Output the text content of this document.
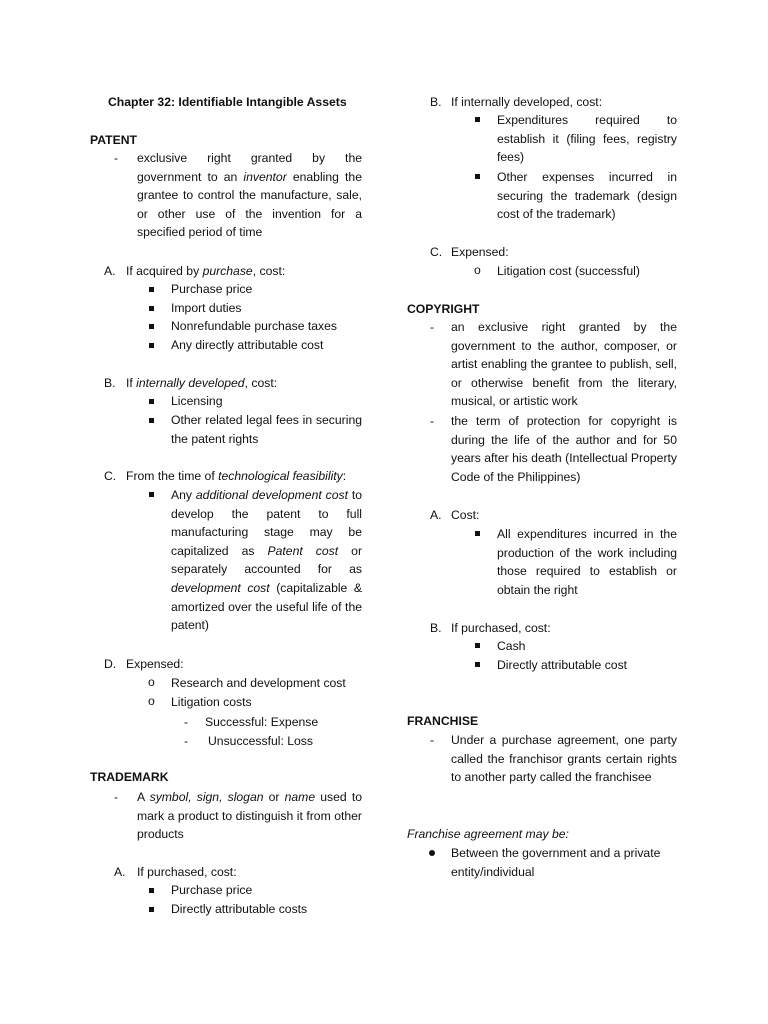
Chapter 32: Identifiable Intangible Assets
PATENT
- exclusive right granted by the government to an inventor enabling the grantee to control the manufacture, sale, or other use of the invention for a specified period of time
A. If acquired by purchase, cost:
Purchase price
Import duties
Nonrefundable purchase taxes
Any directly attributable cost
B. If internally developed, cost:
Licensing
Other related legal fees in securing the patent rights
C. From the time of technological feasibility:
Any additional development cost to develop the patent to full manufacturing stage may be capitalized as Patent cost or separately accounted for as development cost (capitalizable & amortized over the useful life of the patent)
D. Expensed:
o Research and development cost
o Litigation costs
- Successful: Expense
- Unsuccessful: Loss
TRADEMARK
- A symbol, sign, slogan or name used to mark a product to distinguish it from other products
A. If purchased, cost:
Purchase price
Directly attributable costs
B. If internally developed, cost:
Expenditures required to establish it (filing fees, registry fees)
Other expenses incurred in securing the trademark (design cost of the trademark)
C. Expensed:
o Litigation cost (successful)
COPYRIGHT
- an exclusive right granted by the government to the author, composer, or artist enabling the grantee to publish, sell, or otherwise benefit from the literary, musical, or artistic work
- the term of protection for copyright is during the life of the author and for 50 years after his death (Intellectual Property Code of the Philippines)
A. Cost:
All expenditures incurred in the production of the work including those required to establish or obtain the right
B. If purchased, cost:
Cash
Directly attributable cost
FRANCHISE
- Under a purchase agreement, one party called the franchisor grants certain rights to another party called the franchisee
Franchise agreement may be:
Between the government and a private entity/individual
